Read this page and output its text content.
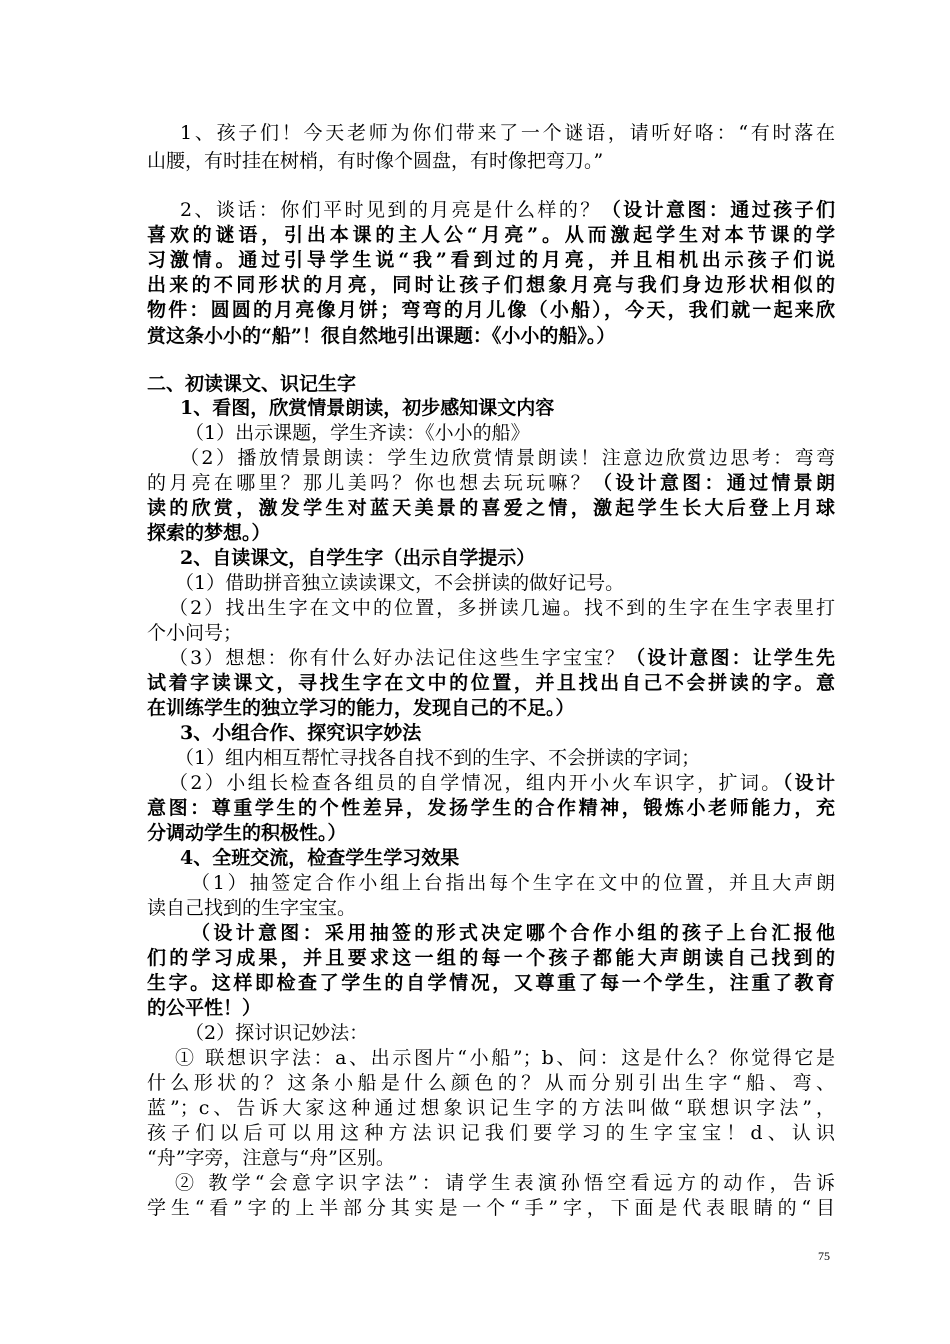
1、孩子们！今天老师为你们带来了一个谜语，请听好咯：“有时落在
山腰，有时挂在树梢，有时像个圆盘，有时像把弯刀。”
2、谈话：你们平时见到的月亮是什么样的？（设计意图：通过孩子们
喜欢的谜语，引出本课的主人公“月亮”。从而激起学生对本节课的学
习激情。通过引导学生说“我”看到过的月亮，并且相机出示孩子们说
出来的不同形状的月亮，同时让孩子们想象月亮与我们身边形状相似的
物件：圆圆的月亮像月饼；弯弯的月儿像（小船），今天，我们就一起来欣
赏这条小小的“船”！很自然地引出课题：《小小的船》。）
二、初读课文、识记生字
1、看图，欣赏情景朗读，初步感知课文内容
（1）出示课题，学生齐读：《小小的船》
（2）播放情景朗读：学生边欣赏情景朗读！注意边欣赏边思考：弯弯
的月亮在哪里？那儿美吗？你也想去玩玩嘛？（设计意图：通过情景朗
读的欣赏，激发学生对蓝天美景的喜爱之情，激起学生长大后登上月球
探索的梦想。）
2、自读课文，自学生字（出示自学提示）
（1）借助拼音独立读读课文，不会拼读的做好记号。
（2）找出生字在文中的位置，多拼读几遍。找不到的生字在生字表里打
个小问号；
（3）想想：你有什么好办法记住这些生字宝宝？（设计意图：让学生先
试着字读课文，寻找生字在文中的位置，并且找出自己不会拼读的字。意
在训练学生的独立学习的能力，发现自己的不足。）
3、小组合作、探究识字妙法
（1）组内相互帮忙寻找各自找不到的生字、不会拼读的字词；
（2）小组长检查各组员的自学情况，组内开小火车识字，扩词。（设计
意图：尊重学生的个性差异，发扬学生的合作精神，锻炼小老师能力，充
分调动学生的积极性。）
4、全班交流，检查学生学习效果
（1）抽签定合作小组上台指出每个生字在文中的位置，并且大声朗
读自己找到的生字宝宝。
（设计意图：采用抽签的形式决定哪个合作小组的孩子上台汇报他
们的学习成果，并且要求这一组的每一个孩子都能大声朗读自己找到的
生字。这样即检查了学生的自学情况，又尊重了每一个学生，注重了教育
的公平性！）
（2）探讨识记妙法：
① 联想识字法：a、出示图片“小船”；b、问：这是什么？你觉得它是
什么形状的？这条小船是什么颜色的？从而分别引出生字“船、弯、
蓝”；c、告诉大家这种通过想象识记生字的方法叫做“联想识字法”，
孩子们以后可以用这种方法识记我们要学习的生字宝宝！d、认识
“舟”字旁，注意与“舟”区别。
② 教学“会意字识字法”：请学生表演孙悟空看远方的动作，告诉
学生“看”字的上半部分其实是一个“手”字，下面是代表眼睛的“目
75
